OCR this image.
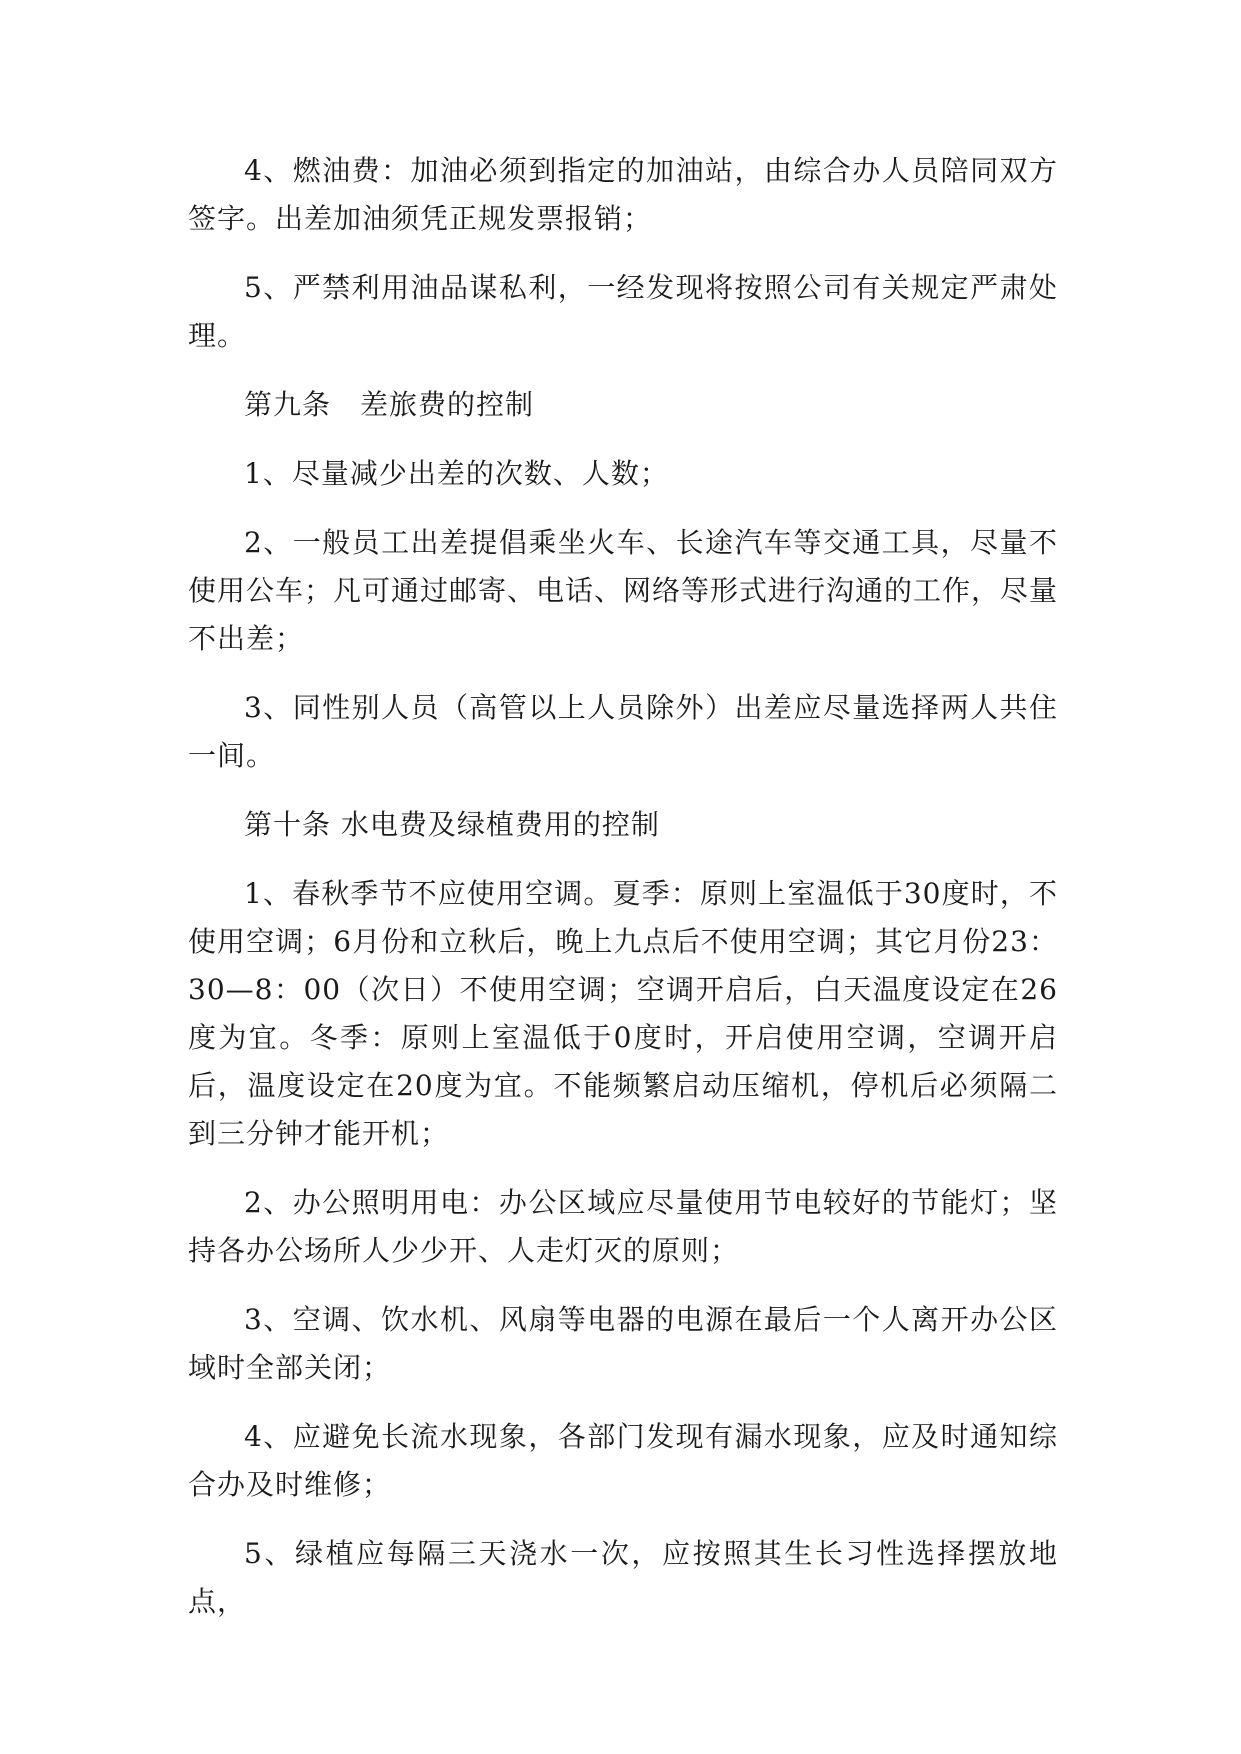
4、燃油费：加油必须到指定的加油站，由综合办人员陪同双方签字。出差加油须凭正规发票报销；

5、严禁利用油品谋私利，一经发现将按照公司有关规定严肃处理。

第九条　差旅费的控制

1、尽量减少出差的次数、人数；

2、一般员工出差提倡乘坐火车、长途汽车等交通工具，尽量不使用公车；凡可通过邮寄、电话、网络等形式进行沟通的工作，尽量不出差；

3、同性别人员（高管以上人员除外）出差应尽量选择两人共住一间。

第十条 水电费及绿植费用的控制

1、春秋季节不应使用空调。夏季：原则上室温低于30度时，不使用空调；6月份和立秋后，晚上九点后不使用空调；其它月份23：30—8：00（次日）不使用空调；空调开启后，白天温度设定在26度为宜。冬季：原则上室温低于0度时，开启使用空调，空调开启后，温度设定在20度为宜。不能频繁启动压缩机，停机后必须隔二到三分钟才能开机；

2、办公照明用电：办公区域应尽量使用节电较好的节能灯；坚持各办公场所人少少开、人走灯灭的原则；

3、空调、饮水机、风扇等电器的电源在最后一个人离开办公区域时全部关闭；

4、应避免长流水现象，各部门发现有漏水现象，应及时通知综合办及时维修；

5、绿植应每隔三天浇水一次，应按照其生长习性选择摆放地点，
